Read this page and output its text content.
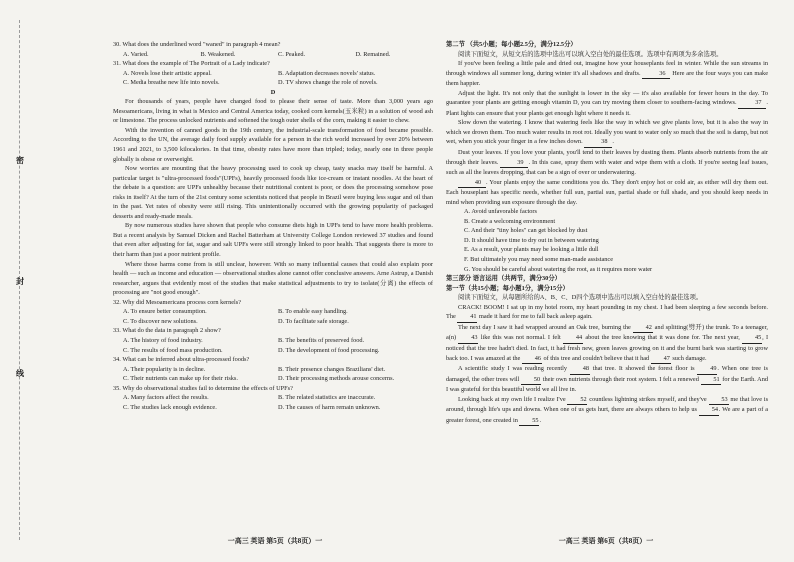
密
封
线

30. What does the underlined word "waned" in paragraph 4 mean?

A. Varied.	B. Weakened.	C. Peaked.	D. Remained.

31. What does the example of The Portrait of a Lady indicate?

A. Novels lose their artistic appeal.	B. Adaptation decreases novels' status.
C. Media breathe new life into novels.	D. TV shows change the role of novels.

D

For thousands of years, people have changed food to please their sense of taste. More than 3,000 years ago Mesoamericans, living in what is Mexico and Central America today, cooked corn kernels(玉米粒) in a solution of wood ash or limestone. The process unlocked nutrients and softened the tough outer shells of the corn, making it easier to chew.

With the invention of canned goods in the 19th century, the industrial-scale transformation of food became possible. According to the UN, the average daily food supply available for a person in the rich world increased by over 20% between 1961 and 2021, to 3,500 kilocalories. In that time, obesity rates have more than tripled; today, nearly one in three people globally is obese or overweight.

Now worries are mounting that the heavy processing used to cook up cheap, tasty snacks may itself be harmful. A particular target is "ultra-processed foods"(UPFs), heavily processed foods like ice-cream or instant noodles. At the heart of the debate is a question: are UPFs unhealthy because their nutritional content is poor, or does the processing somehow pose risks in itself? At the turn of the 21st century some scientists noticed that people in Brazil were buying less sugar and oil than in the past. Yet rates of obesity were still rising. This unintentionally occurred with the growing popularity of packaged desserts and ready-made meals.

By now numerous studies have shown that people who consume diets high in UPFs tend to have more health problems. But a recent analysis by Samuel Dicken and Rachel Batterham at University College London reviewed 37 studies and found that even after adjusting for fat, sugar and salt UPFs were still strongly linked to poor health. That suggests there is more to their harm than just a poor nutrient profile.

Where those harms come from is still unclear, however. With so many influential causes that could also explain poor health — such as income and education — observational studies alone cannot offer conclusive answers. Arne Astrup, a Danish researcher, argues that evidently most of the studies that make statistical adjustments to try to isolate(分离) the effects of processing are "not good enough".

32. Why did Mesoamericans process corn kernels?

A. To ensure better consumption.	B. To enable easy handling.
C. To discover new solutions.	D. To facilitate safe storage.

33. What do the data in paragraph 2 show?

A. The history of food industry.	B. The benefits of preserved food.
C. The results of food mass production.	D. The development of food processing.

34. What can be inferred about ultra-processed foods?

A. Their popularity is in decline.	B. Their presence changes Brazilians' diet.
C. Their nutrients can make up for their risks.	D. Their processing methods arouse concerns.

35. Why do observational studies fail to determine the effects of UPFs?

A. Many factors affect the results.	B. The related statistics are inaccurate.
C. The studies lack enough evidence.	D. The causes of harm remain unknown.

第二节 （共5小题；每小题2.5分，满分12.5分）

阅读下面短文，从短文后的选项中选出可以填入空白处的最佳选项。选项中有两项为多余选项。

If you've been feeling a little pale and dried out, imagine how your houseplants feel in winter. While the sun streams in through windows all summer long, during winter it's all shadows and drafts.	36 Here are the four ways you can make them happier.

Adjust the light. It's not only that the sunlight is lower in the sky — it's also available for fewer hours in the day. To guarantee your plants are getting enough vitamin D, you can try moving them closer to southern-facing windows.	37 . Plant lights can ensure that your plants get enough light where it needs it.

Slow down the watering. I know that watering feels like the way in which we give plants love, but it is also the way in which we drown them. Too much water results in root rot. Ideally you want to water only so much that the soil is damp, but not wet, when you stick your finger in a few inches down.	38 .

Dust your leaves. If you love your plants, you'll tend to their leaves by dusting them. Plants absorb nutrients from the air through their leaves.	39 . In this case, spray them with water and wipe them with a cloth. If you're seeing leaf issues, such as all the leaves dropping, that can be a sign of over or underwatering.

40 . Your plants enjoy the same conditions you do. They don't enjoy hot or cold air, as either will dry them out. Each houseplant has specific needs, whether full sun, partial sun, partial shade or full shade, and you should keep needs in mind when providing sun exposure through the day.

A. Avoid unfavorable factors
B. Create a welcoming environment
C. And their "tiny holes" can get blocked by dust
D. It should have time to dry out in between watering
E. As a result, your plants may be looking a little dull
F. But ultimately you may need some man-made assistance
G. You should be careful about watering the root, as it requires more water

第三部分 语言运用（共两节，满分30分）

第一节（共15小题；每小题1分，满分15分）

阅读下面短文，从每题所给的A、B、C、D四个选项中选出可以填入空白处的最佳选项。

CRACK! BOOM! I sat up in my hotel room, my heart pounding in my chest. I had been sleeping a few seconds before. The 41 made it hard for me to fall back asleep again.

The next day I saw it had wrapped around an Oak tree, burning the 42 and splitting(劈开) the trunk. To a teenager, a(n) 43 like this was not normal. I felt 44 about the tree knowing that it was done for. The next year, 45, I noticed that the tree hadn't died. In fact, it had fresh new, green leaves growing on it and the burnt bark was starting to grow back too. I was amazed at the 46 of this tree and couldn't believe that it had 47 such damage.

A scientific study I was reading recently 48 that tree. It showed the forest floor is 49. When one tree is damaged, the other trees will 50 their own nutrients through their root system. I felt a renewed 51 for the Earth. And I was grateful for this beautiful world we all live in.

Looking back at my own life I realize I've 52 countless lightning strikes myself, and they've 53 me that love is around, through life's ups and downs. When one of us gets hurt, there are always others to help us 54. We are a part of a greater forest, one created in 55.

一高三 英语 第5页（共8页）一	一高三 英语 第6页（共8页）一
